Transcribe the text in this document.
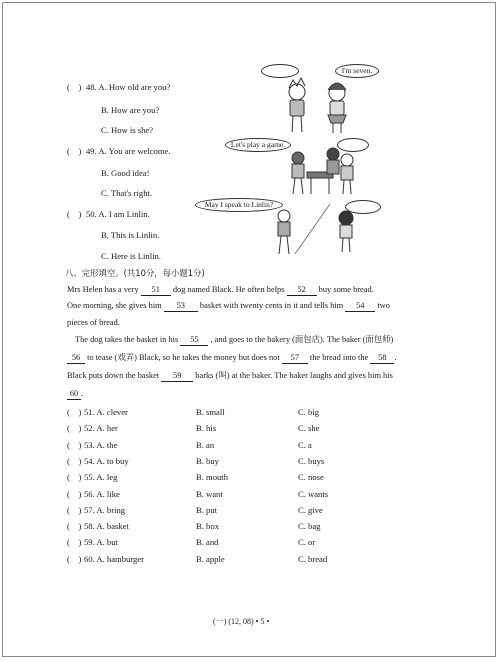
(　) 48. A. How old are you?
B. How are you?
C. How is she?
(　) 49. A. You are welcome.
B. Good idea!
C. That's right.
(　) 50. A. I am Linlin.
B. This is Linlin.
C. Here is Linlin.
I'm seven.
Let's play a game.
May I speak to Linlin?
八、完形填空。(共10分，每小题1分)
Mrs Helen has a very 51 dog named Black. He often helps 52 buy some bread.
One morning, she gives him 53 basket with twenty cents in it and tells him 54 two
pieces of bread.
The dog takes the basket in his 55 , and goes to the bakery (面包店). The baker (面包师)
56 to tease (戏弄) Black, so he takes the money but does not 57 the bread into the 58 .
Black puts down the basket 59 barks (叫) at the baker. The baker laughs and gives him his
60 .
(　) 51. A. clever	B. small	C. big
(　) 52. A. her	B. his	C. she
(　) 53. A. the	B. an	C. a
(　) 54. A. to buy	B. buy	C. buys
(　) 55. A. leg	B. mouth	C. nose
(　) 56. A. like	B. want	C. wants
(　) 57. A. bring	B. put	C. give
(　) 58. A. basket	B. box	C. bag
(　) 59. A. but	B. and	C. or
(　) 60. A. hamburger	B. apple	C. bread
(一) (12, 08) • 5 •
